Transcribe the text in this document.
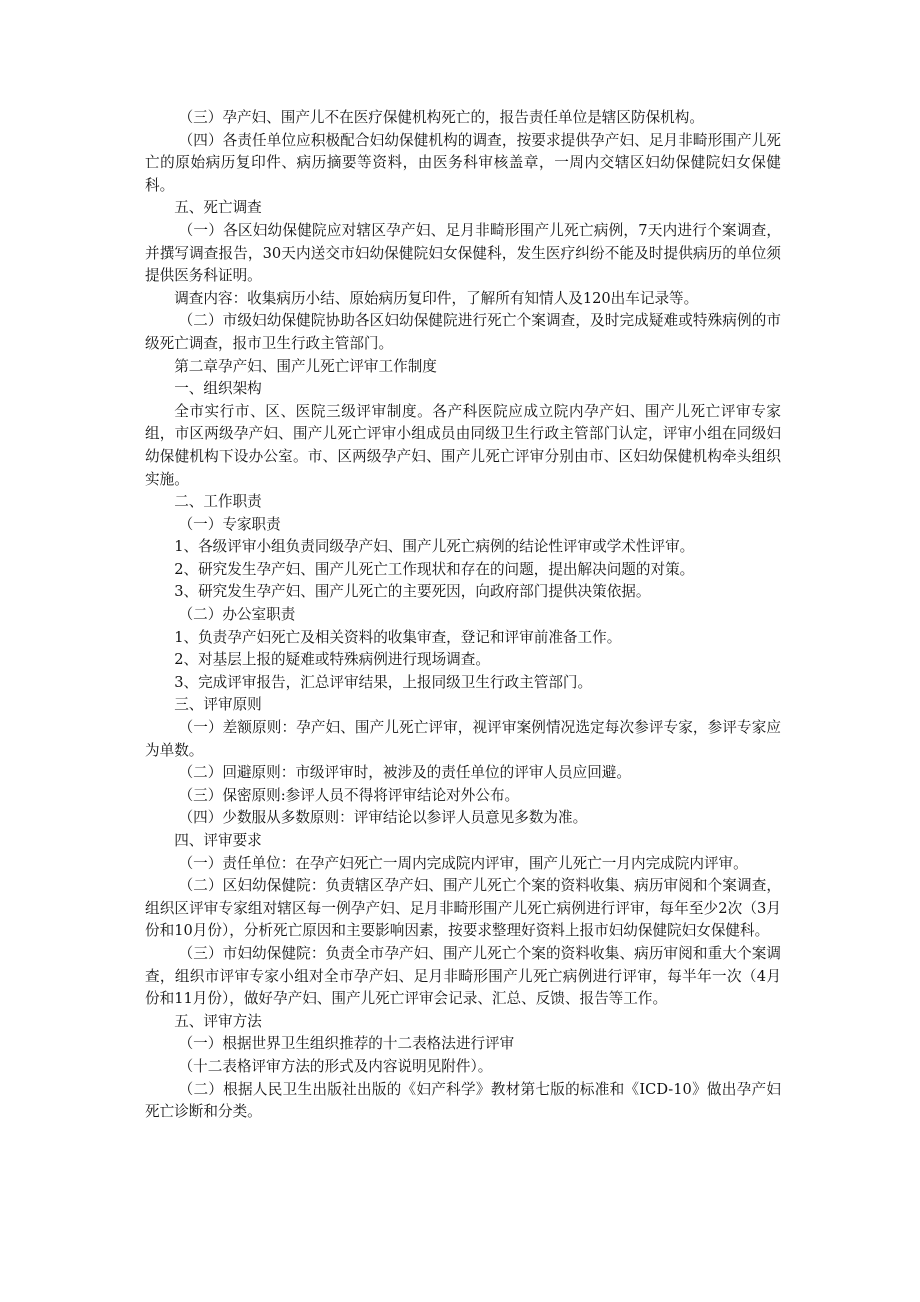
（三）孕产妇、围产儿不在医疗保健机构死亡的，报告责任单位是辖区防保机构。

（四）各责任单位应积极配合妇幼保健机构的调查，按要求提供孕产妇、足月非畸形围产儿死亡的原始病历复印件、病历摘要等资料，由医务科审核盖章，一周内交辖区妇幼保健院妇女保健科。

五、死亡调查

（一）各区妇幼保健院应对辖区孕产妇、足月非畸形围产儿死亡病例，7天内进行个案调查，并撰写调查报告，30天内送交市妇幼保健院妇女保健科，发生医疗纠纷不能及时提供病历的单位须提供医务科证明。

调查内容：收集病历小结、原始病历复印件，了解所有知情人及120出车记录等。

（二）市级妇幼保健院协助各区妇幼保健院进行死亡个案调查，及时完成疑难或特殊病例的市级死亡调查，报市卫生行政主管部门。

第二章孕产妇、围产儿死亡评审工作制度

一、组织架构

全市实行市、区、医院三级评审制度。各产科医院应成立院内孕产妇、围产儿死亡评审专家组，市区两级孕产妇、围产儿死亡评审小组成员由同级卫生行政主管部门认定，评审小组在同级妇幼保健机构下设办公室。市、区两级孕产妇、围产儿死亡评审分别由市、区妇幼保健机构牵头组织实施。

二、工作职责

（一）专家职责

1、各级评审小组负责同级孕产妇、围产儿死亡病例的结论性评审或学术性评审。

2、研究发生孕产妇、围产儿死亡工作现状和存在的问题，提出解决问题的对策。

3、研究发生孕产妇、围产儿死亡的主要死因，向政府部门提供决策依据。

（二）办公室职责

1、负责孕产妇死亡及相关资料的收集审查，登记和评审前准备工作。

2、对基层上报的疑难或特殊病例进行现场调查。

3、完成评审报告，汇总评审结果，上报同级卫生行政主管部门。

三、评审原则

（一）差额原则：孕产妇、围产儿死亡评审，视评审案例情况选定每次参评专家，参评专家应为单数。

（二）回避原则：市级评审时，被涉及的责任单位的评审人员应回避。

（三）保密原则:参评人员不得将评审结论对外公布。

（四）少数服从多数原则：评审结论以参评人员意见多数为准。

四、评审要求

（一）责任单位：在孕产妇死亡一周内完成院内评审，围产儿死亡一月内完成院内评审。

（二）区妇幼保健院：负责辖区孕产妇、围产儿死亡个案的资料收集、病历审阅和个案调查，组织区评审专家组对辖区每一例孕产妇、足月非畸形围产儿死亡病例进行评审，每年至少2次（3月份和10月份），分析死亡原因和主要影响因素，按要求整理好资料上报市妇幼保健院妇女保健科。

（三）市妇幼保健院：负责全市孕产妇、围产儿死亡个案的资料收集、病历审阅和重大个案调查，组织市评审专家小组对全市孕产妇、足月非畸形围产儿死亡病例进行评审，每半年一次（4月份和11月份），做好孕产妇、围产儿死亡评审会记录、汇总、反馈、报告等工作。

五、评审方法

（一）根据世界卫生组织推荐的十二表格法进行评审

（十二表格评审方法的形式及内容说明见附件）。

（二）根据人民卫生出版社出版的《妇产科学》教材第七版的标准和《ICD-10》做出孕产妇死亡诊断和分类。
